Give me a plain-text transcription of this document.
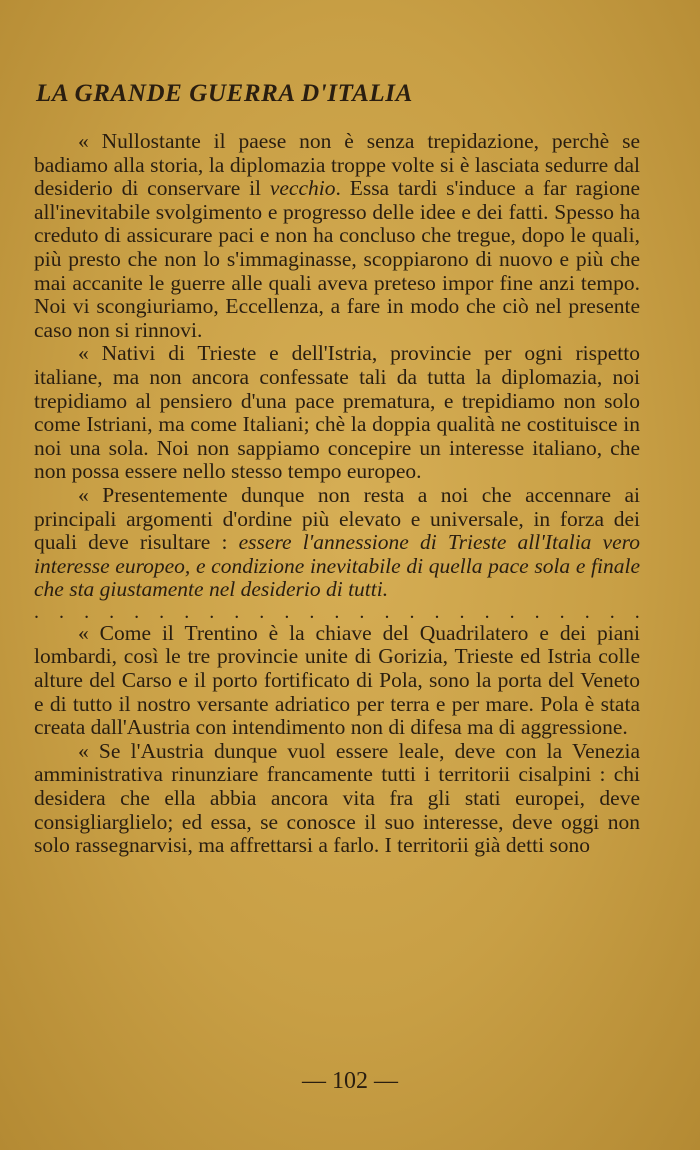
LA GRANDE GUERRA D'ITALIA

« Nullostante il paese non è senza trepidazione, perchè se badiamo alla storia, la diplomazia troppe volte si è lasciata sedurre dal desiderio di conservare il vecchio. Essa tardi s'induce a far ragione all'inevitabile svolgimento e progresso delle idee e dei fatti. Spesso ha creduto di assicurare paci e non ha concluso che tregue, dopo le quali, più presto che non lo s'immaginasse, scoppiarono di nuovo e più che mai accanite le guerre alle quali aveva preteso impor fine anzi tempo. Noi vi scongiuriamo, Eccellenza, a fare in modo che ciò nel presente caso non si rinnovi.

« Nativi di Trieste e dell'Istria, provincie per ogni rispetto italiane, ma non ancora confessate tali da tutta la diplomazia, noi trepidiamo al pensiero d'una pace prematura, e trepidiamo non solo come Istriani, ma come Italiani; chè la doppia qualità ne costituisce in noi una sola. Noi non sappiamo concepire un interesse italiano, che non possa essere nello stesso tempo europeo.

« Presentemente dunque non resta a noi che accennare ai principali argomenti d'ordine più elevato e universale, in forza dei quali deve risultare : essere l'annessione di Trieste all'Italia vero interesse europeo, e condizione inevitabile di quella pace sola e finale che sta giustamente nel desiderio di tutti.

. . . . . . . . . . . . . . . . . . . . . . . . .

« Come il Trentino è la chiave del Quadrilatero e dei piani lombardi, così le tre provincie unite di Gorizia, Trieste ed Istria colle alture del Carso e il porto fortificato di Pola, sono la porta del Veneto e di tutto il nostro versante adriatico per terra e per mare. Pola è stata creata dall'Austria con intendimento non di difesa ma di aggressione.

« Se l'Austria dunque vuol essere leale, deve con la Venezia amministrativa rinunziare francamente tutti i territorii cisalpini : chi desidera che ella abbia ancora vita fra gli stati europei, deve consigliarglielo; ed essa, se conosce il suo interesse, deve oggi non solo rassegnarvisi, ma affrettarsi a farlo. I territorii già detti sono

— 102 —
